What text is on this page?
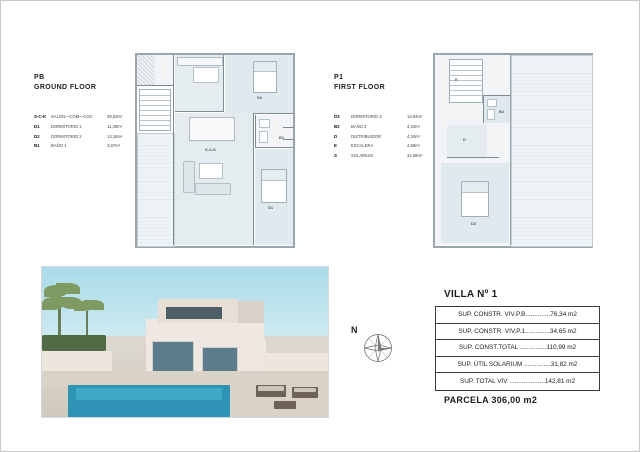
PB
GROUND FLOOR
S-C-K	SALÓN—COM—COC	29,53m²
D1	DORMITORIO 1	11,39m²
D2	DORMITORIO 2	13,18m²
B1	BAÑO 1	3,87m²
D2
B1
S-C-K
D1
P1
FIRST FLOOR
D3	DORMITORIO 3	13,94m²
B2	BAÑO 2	4,34m²
D	DISTRIBUIDOR	4,34m²
E	ESCALERA	4,98m²
S	SOLARIUM	32,58m²
E
B2
D
D3
N
VILLA Nº 1
SUP. CONSTR. VIV.P.B..............76,34 m2
SUP. CONSTR. VIV.P.1..............34,65 m2
SUP. CONST.TOTAL ...............110,99 m2
SUP. ÚTIL SOLARIUM ...............31,82 m2
SUP. TOTAL VIV ....................142,81 m2
PARCELA 306,00 m2
